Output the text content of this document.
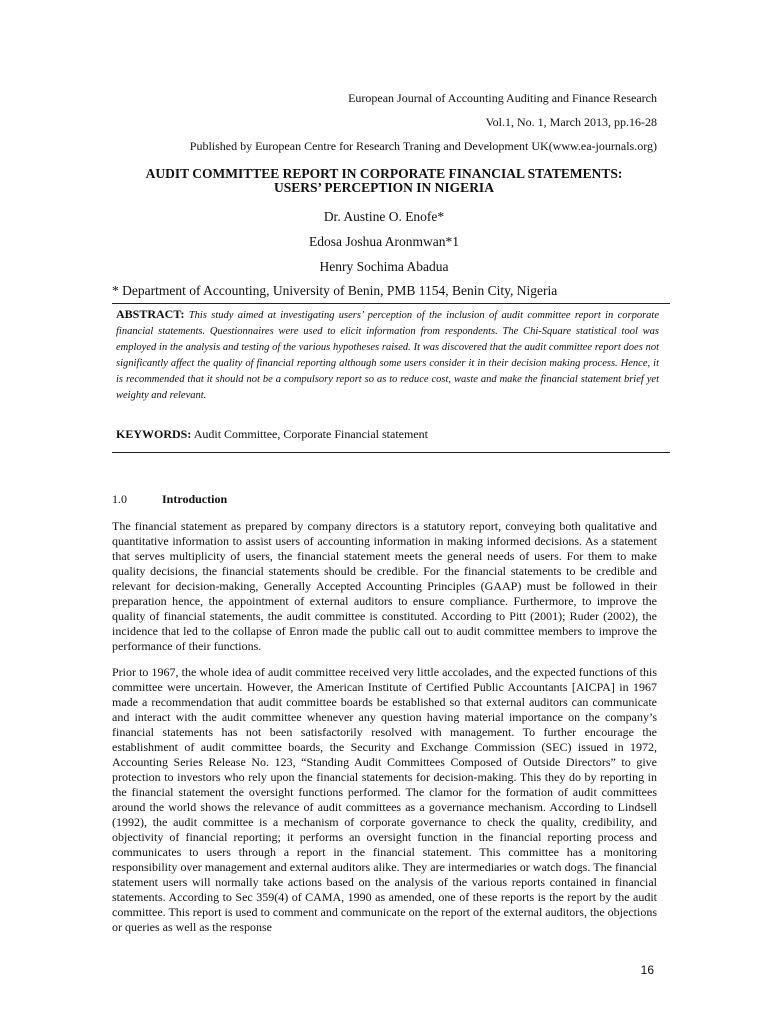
European Journal of Accounting Auditing and Finance Research
Vol.1, No. 1, March 2013, pp.16-28
Published by European Centre for Research Traning and Development UK(www.ea-journals.org)
AUDIT COMMITTEE REPORT IN CORPORATE FINANCIAL STATEMENTS:
USERS’ PERCEPTION IN NIGERIA
Dr. Austine O. Enofe*
Edosa Joshua Aronmwan*1
Henry Sochima Abadua
* Department of Accounting, University of Benin, PMB 1154, Benin City, Nigeria
ABSTRACT: This study aimed at investigating users’ perception of the inclusion of audit committee report in corporate financial statements. Questionnaires were used to elicit information from respondents. The Chi-Square statistical tool was employed in the analysis and testing of the various hypotheses raised. It was discovered that the audit committee report does not significantly affect the quality of financial reporting although some users consider it in their decision making process. Hence, it is recommended that it should not be a compulsory report so as to reduce cost, waste and make the financial statement brief yet weighty and relevant.
KEYWORDS: Audit Committee, Corporate Financial statement
1.0	Introduction

The financial statement as prepared by company directors is a statutory report, conveying both qualitative and quantitative information to assist users of accounting information in making informed decisions. As a statement that serves multiplicity of users, the financial statement meets the general needs of users. For them to make quality decisions, the financial statements should be credible. For the financial statements to be credible and relevant for decision-making, Generally Accepted Accounting Principles (GAAP) must be followed in their preparation hence, the appointment of external auditors to ensure compliance. Furthermore, to improve the quality of financial statements, the audit committee is constituted. According to Pitt (2001); Ruder (2002), the incidence that led to the collapse of Enron made the public call out to audit committee members to improve the performance of their functions.

Prior to 1967, the whole idea of audit committee received very little accolades, and the expected functions of this committee were uncertain. However, the American Institute of Certified Public Accountants [AICPA] in 1967 made a recommendation that audit committee boards be established so that external auditors can communicate and interact with the audit committee whenever any question having material importance on the company’s financial statements has not been satisfactorily resolved with management. To further encourage the establishment of audit committee boards, the Security and Exchange Commission (SEC) issued in 1972, Accounting Series Release No. 123, “Standing Audit Committees Composed of Outside Directors” to give protection to investors who rely upon the financial statements for decision-making. This they do by reporting in the financial statement the oversight functions performed. The clamor for the formation of audit committees around the world shows the relevance of audit committees as a governance mechanism. According to Lindsell (1992), the audit committee is a mechanism of corporate governance to check the quality, credibility, and objectivity of financial reporting; it performs an oversight function in the financial reporting process and communicates to users through a report in the financial statement. This committee has a monitoring responsibility over management and external auditors alike. They are intermediaries or watch dogs. The financial statement users will normally take actions based on the analysis of the various reports contained in financial statements. According to Sec 359(4) of CAMA, 1990 as amended, one of these reports is the report by the audit committee. This report is used to comment and communicate on the report of the external auditors, the objections or queries as well as the response

16
